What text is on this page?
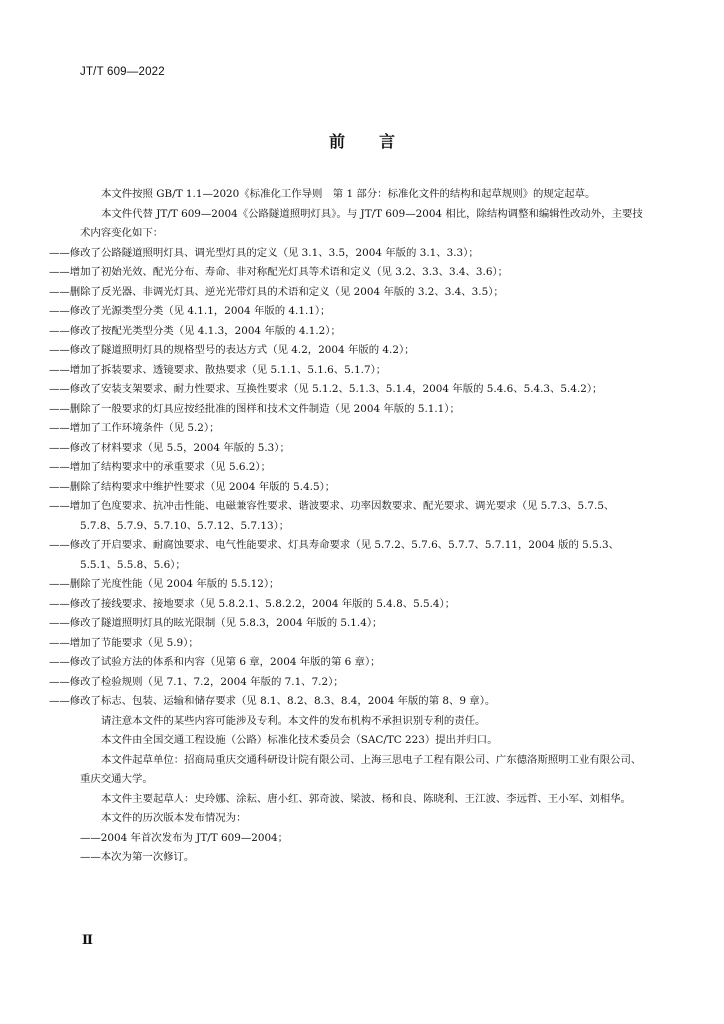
JT/T 609—2022
前言

本文件按照 GB/T 1.1—2020《标准化工作导则　第 1 部分：标准化文件的结构和起草规则》的规定起草。

本文件代替 JT/T 609—2004《公路隧道照明灯具》。与 JT/T 609—2004 相比，除结构调整和编辑性改动外，主要技术内容变化如下：

——修改了公路隧道照明灯具、调光型灯具的定义（见 3.1、3.5，2004 年版的 3.1、3.3）；

——增加了初始光效、配光分布、寿命、非对称配光灯具等术语和定义（见 3.2、3.3、3.4、3.6）；

——删除了反光器、非调光灯具、逆光光带灯具的术语和定义（见 2004 年版的 3.2、3.4、3.5）；

——修改了光源类型分类（见 4.1.1，2004 年版的 4.1.1）；

——修改了按配光类型分类（见 4.1.3，2004 年版的 4.1.2）；

——修改了隧道照明灯具的规格型号的表达方式（见 4.2，2004 年版的 4.2）；

——增加了拆装要求、透镜要求、散热要求（见 5.1.1、5.1.6、5.1.7）；

——修改了安装支架要求、耐力性要求、互换性要求（见 5.1.2、5.1.3、5.1.4，2004 年版的 5.4.6、5.4.3、5.4.2）；

——删除了一般要求的灯具应按经批准的图样和技术文件制造（见 2004 年版的 5.1.1）；

——增加了工作环境条件（见 5.2）；

——修改了材料要求（见 5.5，2004 年版的 5.3）；

——增加了结构要求中的承重要求（见 5.6.2）；

——删除了结构要求中维护性要求（见 2004 年版的 5.4.5）；

——增加了色度要求、抗冲击性能、电磁兼容性要求、谐波要求、功率因数要求、配光要求、调光要求（见 5.7.3、5.7.5、5.7.8、5.7.9、5.7.10、5.7.12、5.7.13）；

——修改了开启要求、耐腐蚀要求、电气性能要求、灯具寿命要求（见 5.7.2、5.7.6、5.7.7、5.7.11，2004 版的 5.5.3、5.5.1、5.5.8、5.6）；

——删除了光度性能（见 2004 年版的 5.5.12）；

——修改了接线要求、接地要求（见 5.8.2.1、5.8.2.2，2004 年版的 5.4.8、5.5.4）；

——修改了隧道照明灯具的眩光限制（见 5.8.3，2004 年版的 5.1.4）；

——增加了节能要求（见 5.9）；

——修改了试验方法的体系和内容（见第 6 章，2004 年版的第 6 章）；

——修改了检验规则（见 7.1、7.2，2004 年版的 7.1、7.2）；

——修改了标志、包装、运输和储存要求（见 8.1、8.2、8.3、8.4，2004 年版的第 8、9 章）。

请注意本文件的某些内容可能涉及专利。本文件的发布机构不承担识别专利的责任。

本文件由全国交通工程设施（公路）标准化技术委员会（SAC/TC 223）提出并归口。

本文件起草单位：招商局重庆交通科研设计院有限公司、上海三思电子工程有限公司、广东德洛斯照明工业有限公司、重庆交通大学。

本文件主要起草人：史玲娜、涂耘、唐小红、郭奇波、梁波、杨和良、陈晓利、王江波、李远哲、王小军、刘相华。

本文件的历次版本发布情况为：

——2004 年首次发布为 JT/T 609—2004；

——本次为第一次修订。

Ⅱ
